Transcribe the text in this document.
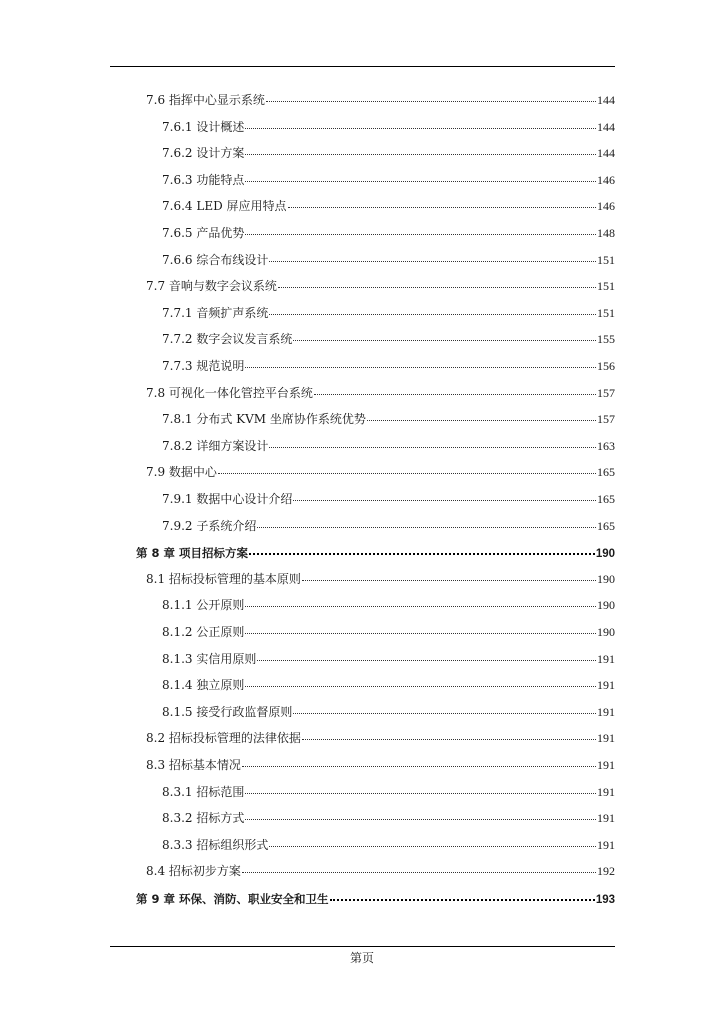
7.6 指挥中心显示系统	144
7.6.1 设计概述	144
7.6.2 设计方案	144
7.6.3 功能特点	146
7.6.4 LED 屏应用特点	146
7.6.5 产品优势	148
7.6.6 综合布线设计	151
7.7 音响与数字会议系统	151
7.7.1 音频扩声系统	151
7.7.2 数字会议发言系统	155
7.7.3 规范说明	156
7.8 可视化一体化管控平台系统	157
7.8.1 分布式 KVM 坐席协作系统优势	157
7.8.2 详细方案设计	163
7.9 数据中心	165
7.9.1 数据中心设计介绍	165
7.9.2 子系统介绍	165
第 8 章 项目招标方案	190
8.1 招标投标管理的基本原则	190
8.1.1 公开原则	190
8.1.2 公正原则	190
8.1.3 实信用原则	191
8.1.4 独立原则	191
8.1.5 接受行政监督原则	191
8.2 招标投标管理的法律依据	191
8.3 招标基本情况	191
8.3.1 招标范围	191
8.3.2 招标方式	191
8.3.3 招标组织形式	191
8.4 招标初步方案	192
第 9 章 环保、消防、职业安全和卫生	193
第页
